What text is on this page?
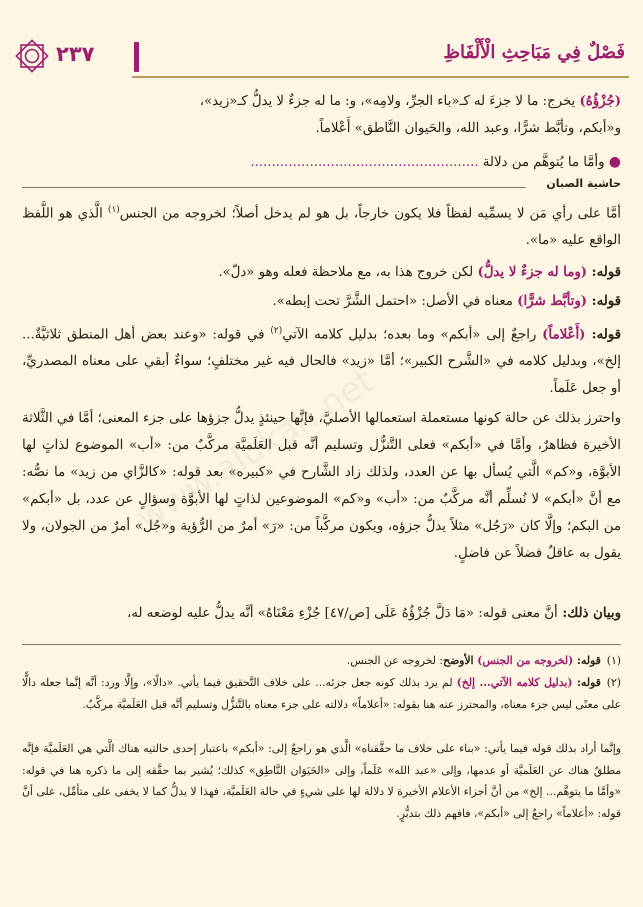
٢٣٧	فَصْلٌ فِي مَبَاحِثِ الْأَلْفَاظِ
(جُزْؤُهُ) يخرج: ما لا جزءَ له كـ«باء الجرِّ، ولامِه»، و: ما له جزءٌ لا يدلُّ كـ«زيد»،
و«أبكم، وتأبَّط شرًّا، وعبد الله، والحَيوان النَّاطق» أَعْلاماً.
● وأمَّا ما يُتوهَّم من دلالة ......................................................
حاشية الصبان
أمَّا على رأي مَن لا يسمِّيه لفظاً فلا يكون خارجاً، بل هو لم يدخل أصلاً؛ لخروجه من الجنس$^{(١)}$ الَّذي هو اللَّفظ الواقع عليه «ما».
قوله: (وما له جزءٌ لا يدلُّ) لكن خروج هذا به، مع ملاحظة فعله وهو «دلّ».
قوله: (وتأبَّط شرًّا) معناه في الأصل: «احتمل الشَّرَّ تحت إبطه».
قوله: (أَعْلاماً) راجعٌ إلى «أبكم» وما بعده؛ بدليل كلامه الآتي$^{(٢)}$ في قوله: «وعند بعض أهل المنطق ثلاثيَّةٌ... إلخ»، وبدليل كلامه في «الشَّرح الكبير»؛ أمَّا «زيد» فالحال فيه غير مختلفٍ؛ سواءٌ أبقي على معناه المصدريِّ، أو جعل عَلَماً.
واحترز بذلك عن حالة كونها مستعملة استعمالها الأصليَّ، فإنَّها حينئذٍ يدلُّ جزؤها على جزء المعنى؛ أمَّا في الثَّلاثة الأخيرة فظاهرٌ، وأمَّا في «أبكم» فعلى التَّنزُّل وتسليم أنَّه قبل العَلَميَّة مركَّبٌ من: «أب» الموضوع لذاتٍ لها الأبوَّة، و«كم» الَّتي يُسأل بها عن العدد، ولذلك زاد الشَّارح في «كبيره» بعد قوله: «كالزَّاي من زيد» ما نصُّه: مع أنَّ «أبكم» لا نُسلِّم أنَّه مركَّبٌ من: «أب» و«كم» الموضوعين لذاتٍ لها الأبوَّة وسؤالٍ عن عدد، بل «أبكم» من البكم؛ وإلَّا كان «رَجُل» مثلاً يدلُّ جزؤه، ويكون مركَّباً من: «رَ» أمرٌ من الرُّؤية و«جُل» أمرٌ من الجولان، ولا يقول به عاقلٌ فضلاً عن فاضلٍ.
وبيان ذلك: أنَّ معنى قوله: «مَا دَلَّ جُزْؤُهُ عَلَى [ص/٤٧] جُزْءِ مَعْنَاهُ» أنَّه يدلُّ عليه لوضعه له،
(١)قوله: (لخروجه من الجنس) الأوضح: لخروجه عن الجنس.
(٢)قوله: (بدليل كلامه الآتي... إلخ) لم يرد بذلك كونه جعل جزئه... على خلاف التَّحقيق فيما يأتي. «دالًا»، وإلَّا ورد: أنَّه إنَّما جعله دالًّا على معنًى ليس جزء معناه، والمحترز عنه هنا بقوله: «أعلاماً» دلالته على جزء معناه بالتَّنزُّل وتسليم أنَّه قبل العَلَميَّة مركَّبٌ.
وإنَّما أراد بذلك قوله فيما يأتي: «بناء على خلاف ما حقَّقناه» الَّذي هو راجعٌ إلى: «أبكم» باعتبار إحدى حالتيه هناك الَّتي هي العَلَميَّة فإنَّه مطلقٌ هناك عن العَلَميَّة أو عدمها، وإلى «عبد الله» عَلَماً، وإلى «الحَيَوَان النَّاطِق» كذلك؛ يُشير بما حقَّقه إلى ما ذكره هنا في قوله: «وأمَّا ما يتوهَّم... إلخ» من أنَّ أجزاء الأعلام الأخيرة لا دلالة لها على شيءٍ في حالة العَلَميَّة، فهذا لا يدلُّ كما لا يخفى على متأمِّل، على أنَّ قوله: «أعلاماً» راجعٌ إلى «أبكم»، فافهم ذلك بتدبُّرٍ.
